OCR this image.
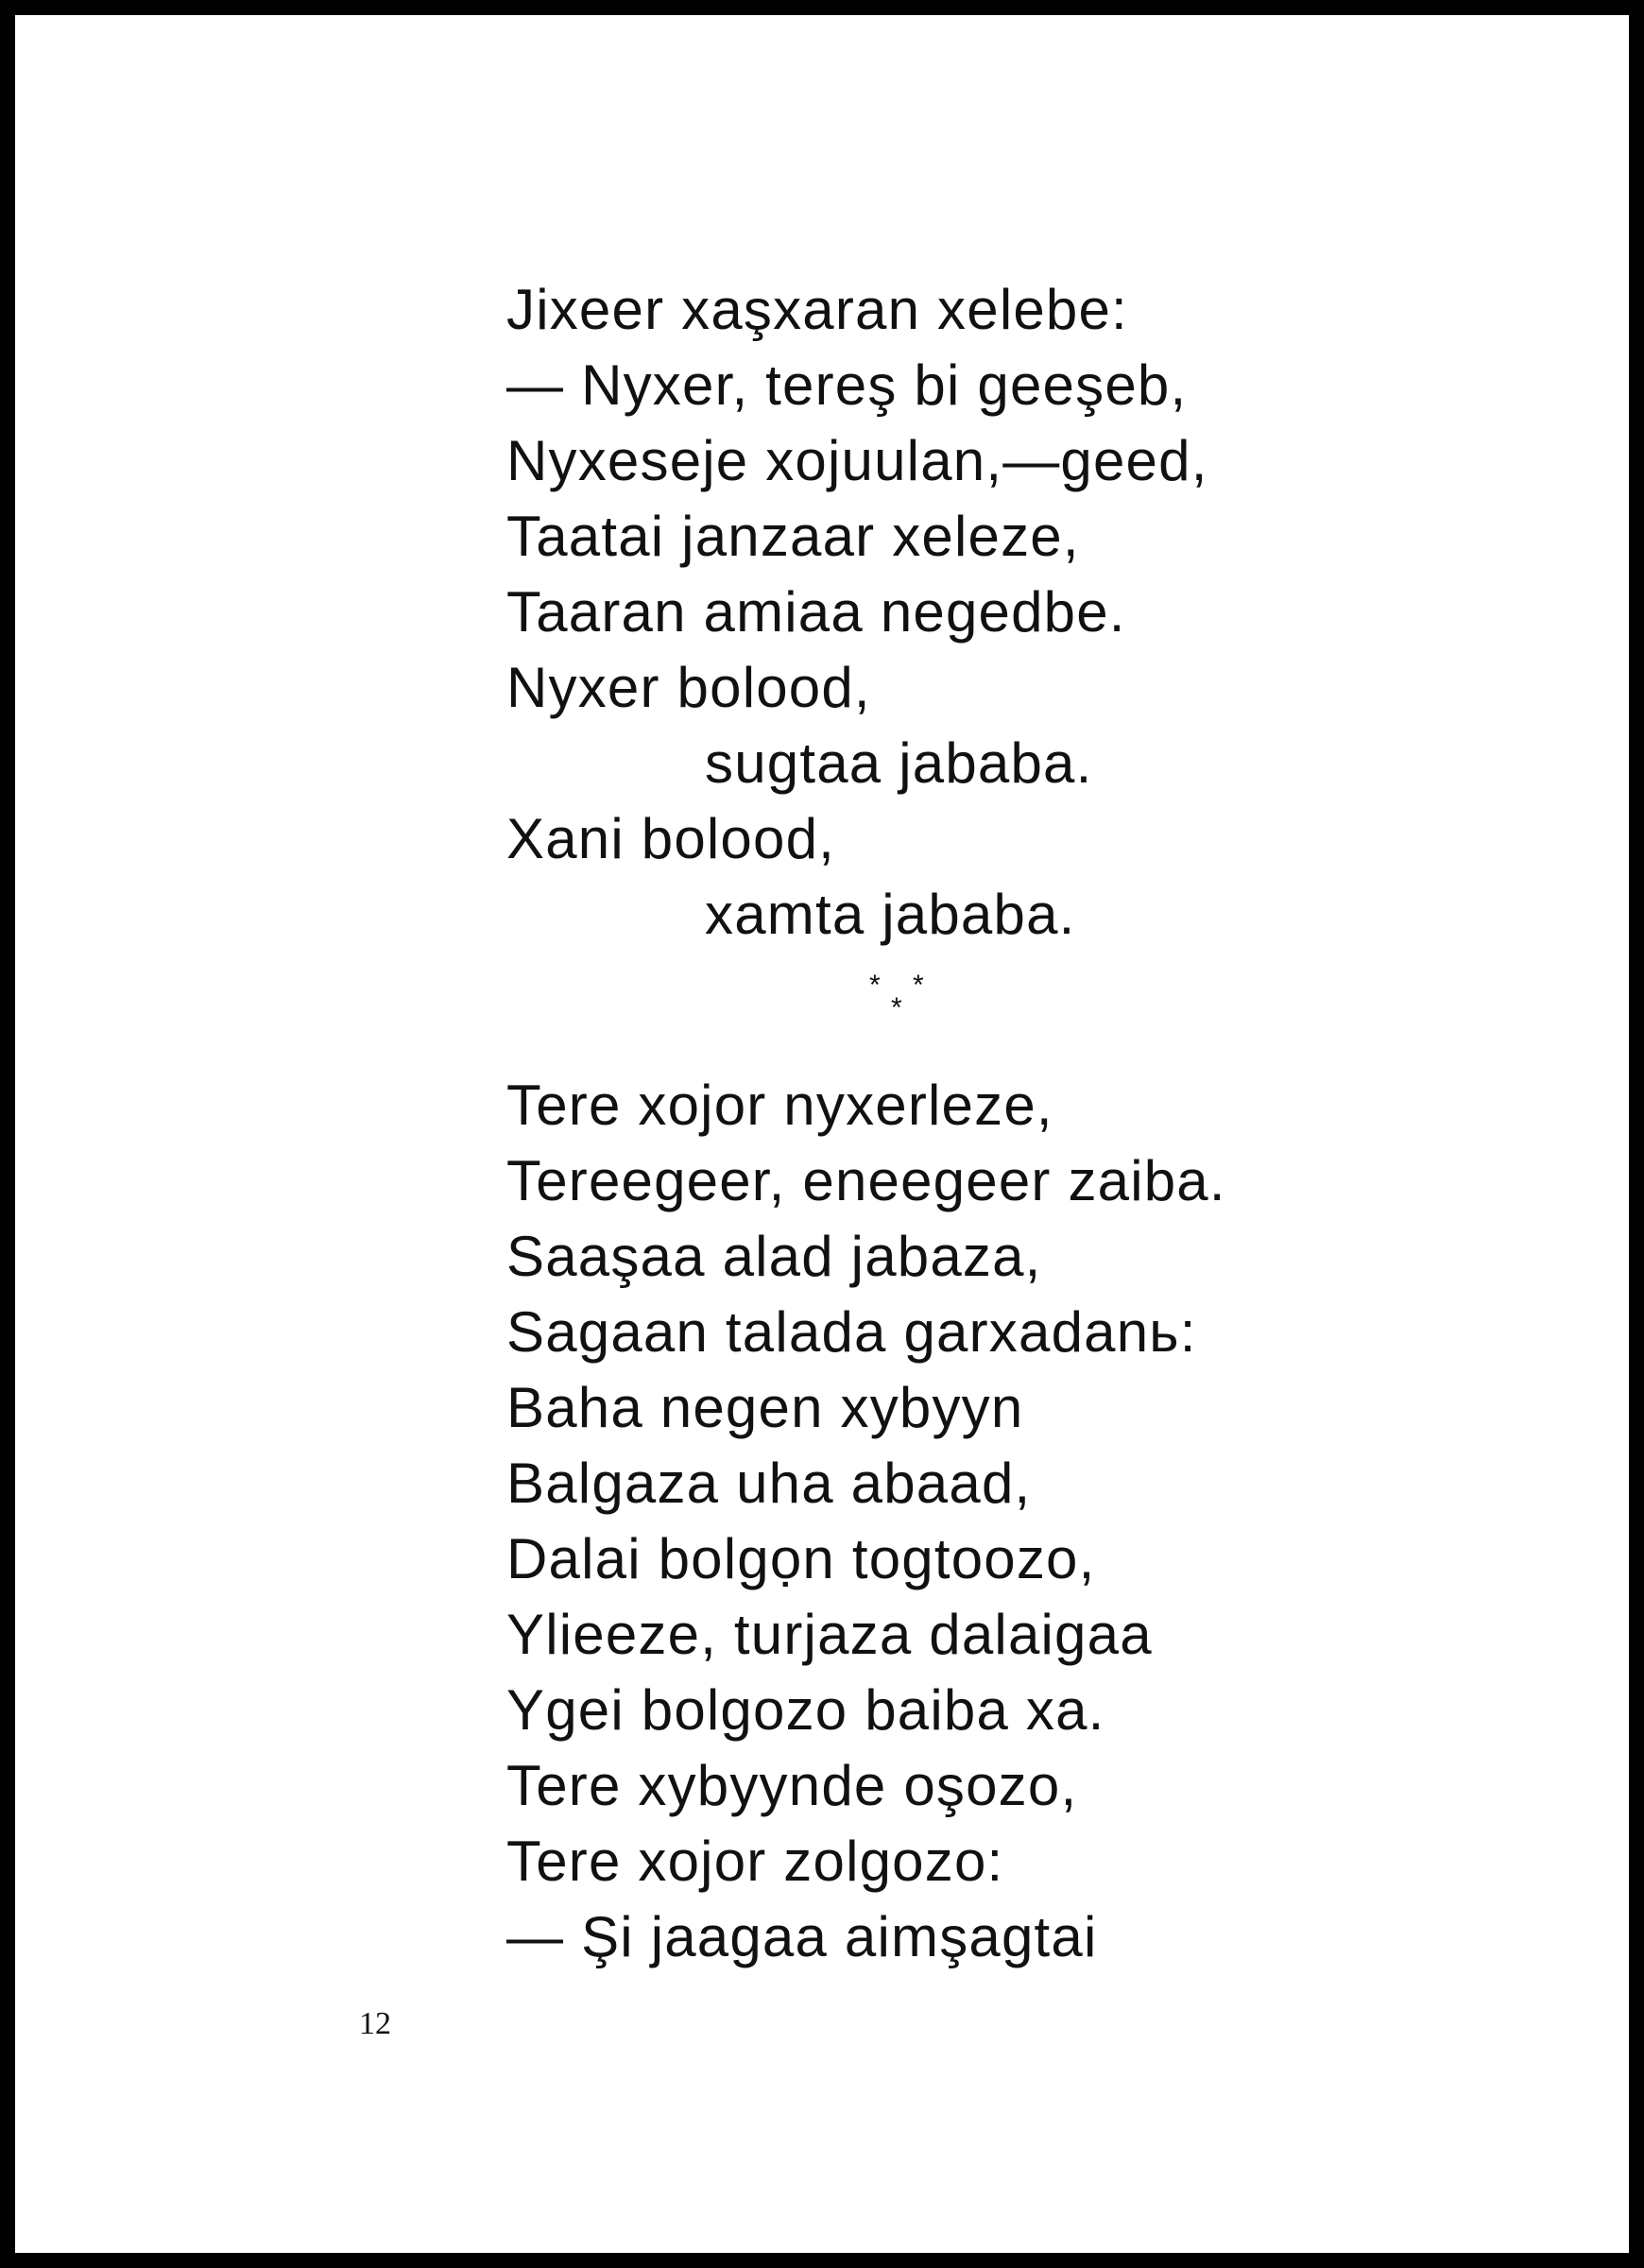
Jixeer xaşxaran xelebe:
— Nyxer, tereş bi geeşeb,
Nyxeseje xojuulan,—geed,
Taatai janzaar xeleze,
Taaran amiaa negedbe.
Nyxer bolood,
sugtaa jababa.
Xani bolood,
xamta jababa.
* *
*
Tere xojor nyxerleze,
Tereegeer, eneegeer zaiba.
Saaşaa alad jabaza,
Sagaan talada garxadanь:
Baha negen xybyyn
Balgaza uha abaad,
Dalai bolgọn togtoozo,
Ylieeze, turjaza dalaigaa
Ygei bolgozo baiba xa.
Tere xybyynde oşozo,
Tere xojor zolgozo:
— Şi jaagaa aimşagtai
12
